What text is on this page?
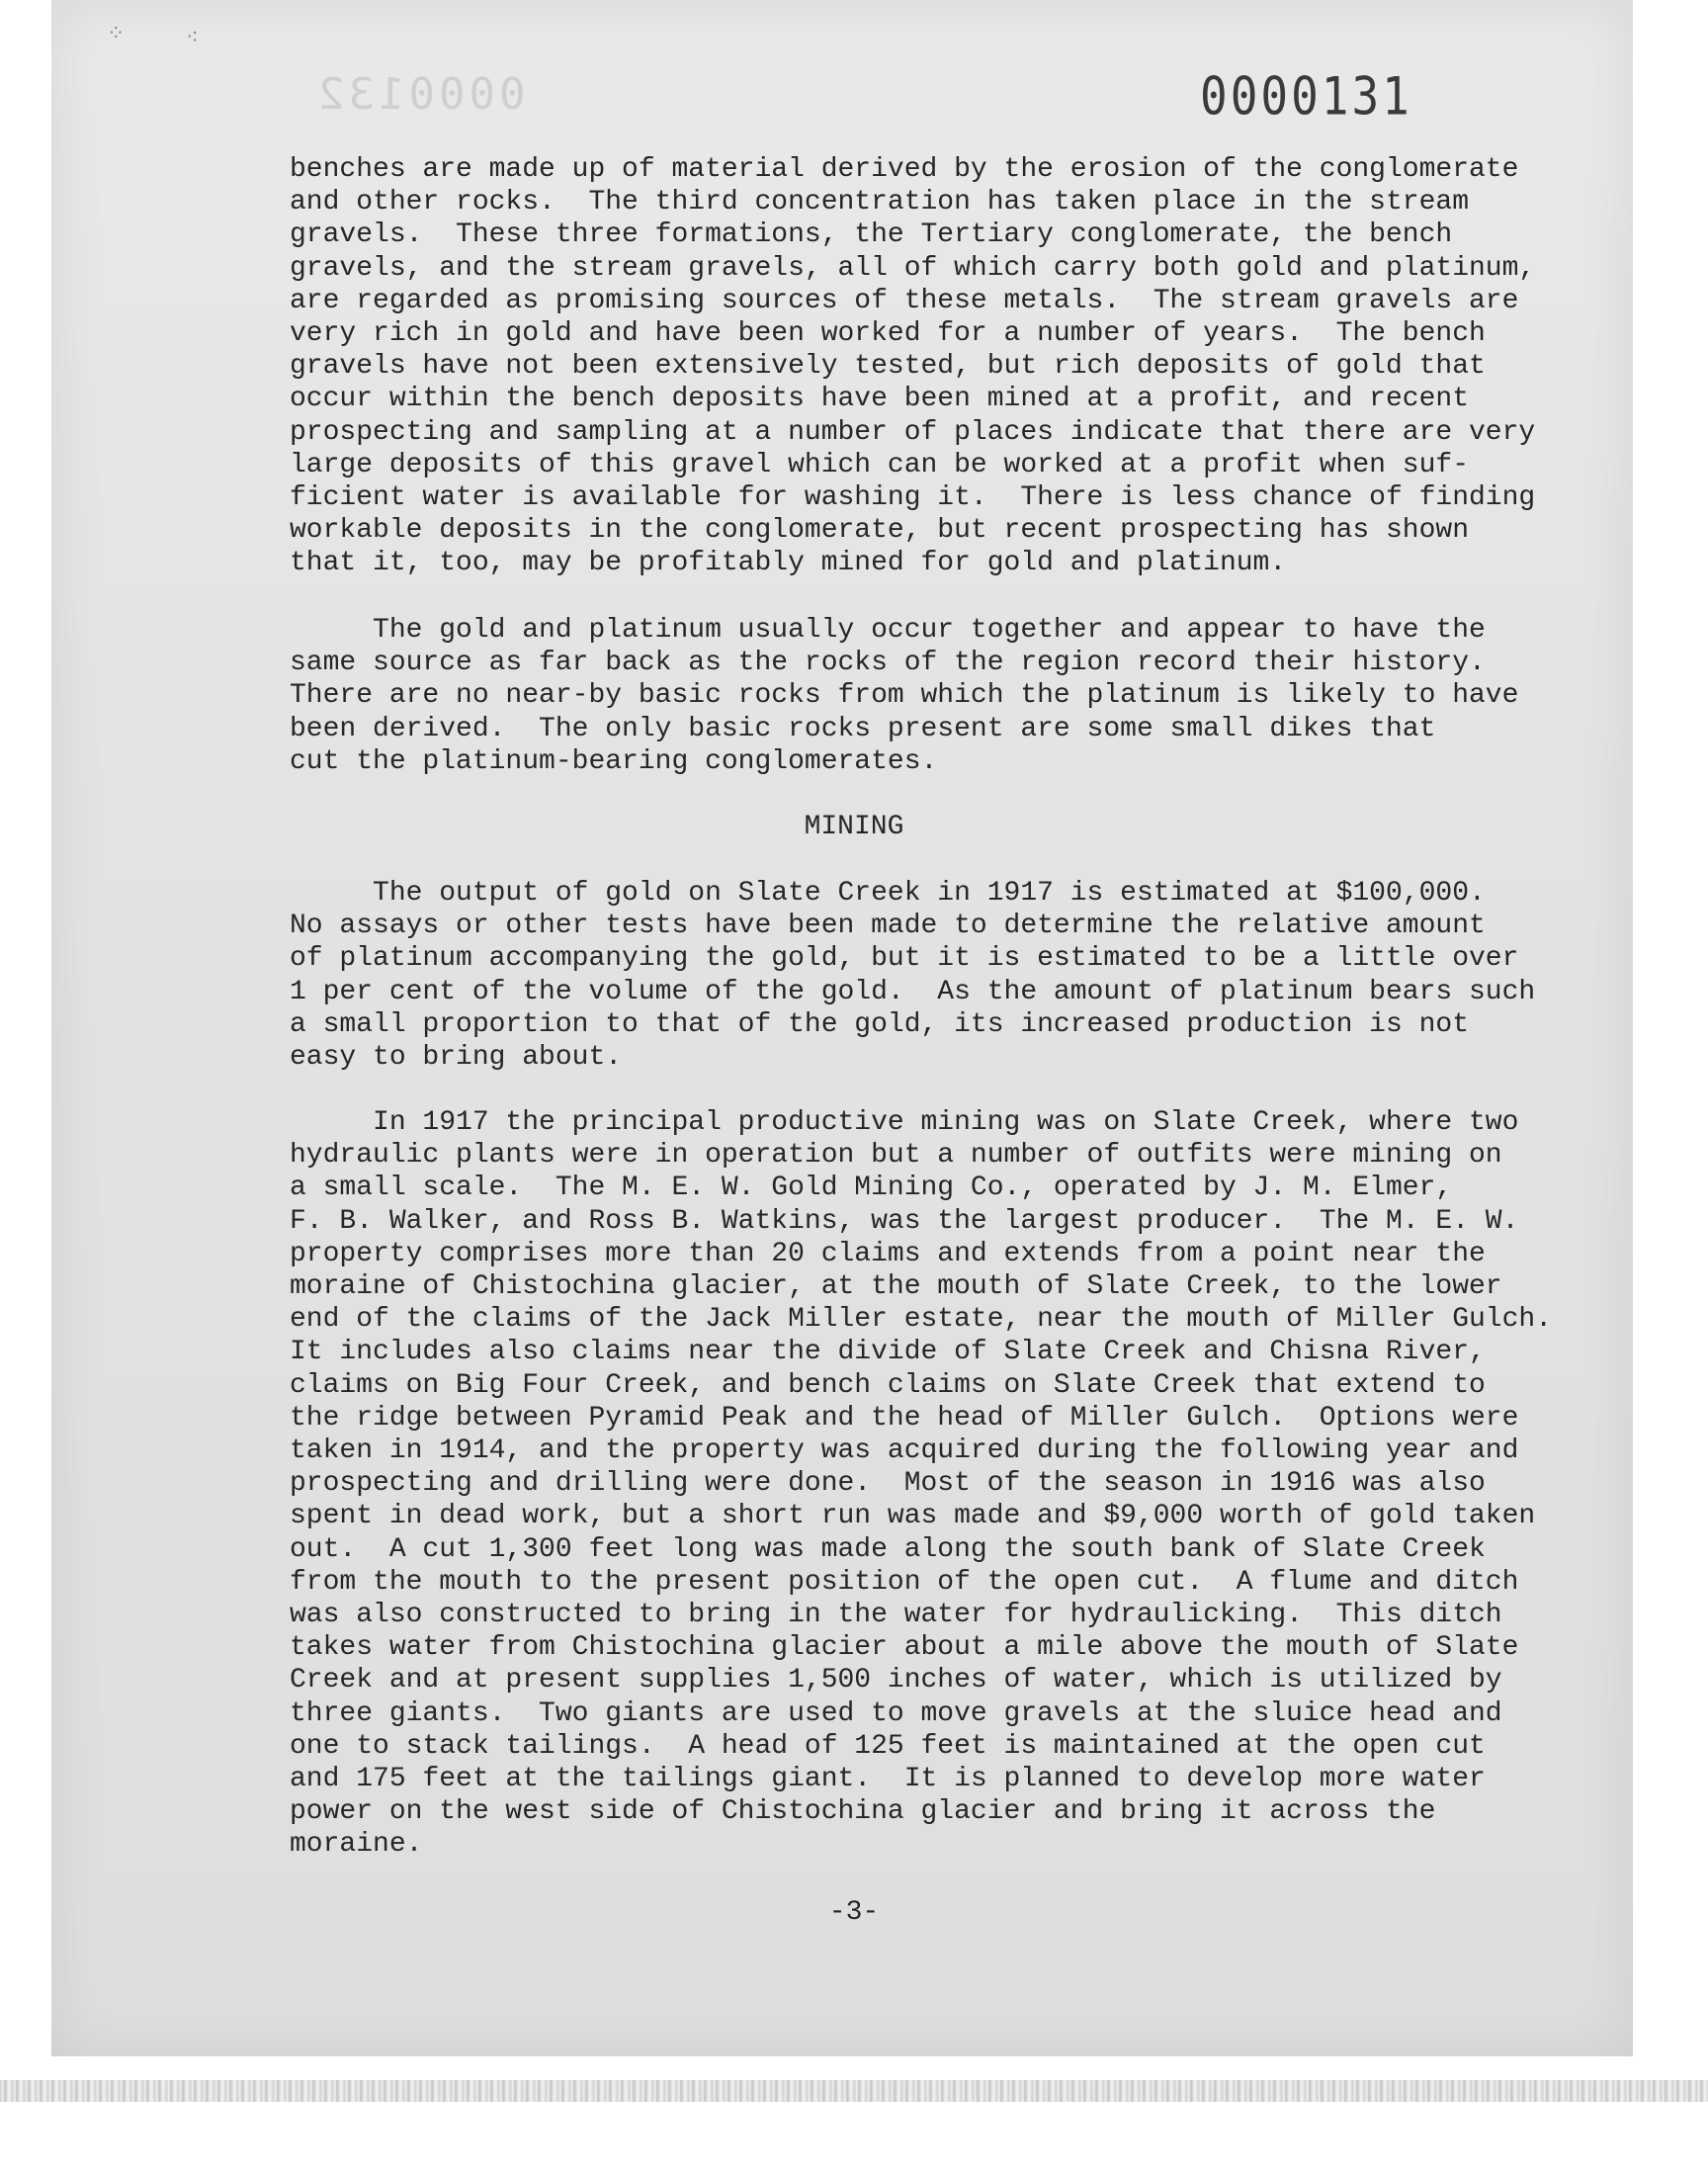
⁘	⁖
0000132	0000131

benches are made up of material derived by the erosion of the conglomerate
and other rocks.  The third concentration has taken place in the stream
gravels.  These three formations, the Tertiary conglomerate, the bench
gravels, and the stream gravels, all of which carry both gold and platinum,
are regarded as promising sources of these metals.  The stream gravels are
very rich in gold and have been worked for a number of years.  The bench
gravels have not been extensively tested, but rich deposits of gold that
occur within the bench deposits have been mined at a profit, and recent
prospecting and sampling at a number of places indicate that there are very
large deposits of this gravel which can be worked at a profit when suf-
ficient water is available for washing it.  There is less chance of finding
workable deposits in the conglomerate, but recent prospecting has shown
that it, too, may be profitably mined for gold and platinum.

The gold and platinum usually occur together and appear to have the
same source as far back as the rocks of the region record their history.
There are no near-by basic rocks from which the platinum is likely to have
been derived.  The only basic rocks present are some small dikes that
cut the platinum-bearing conglomerates.

MINING

The output of gold on Slate Creek in 1917 is estimated at $100,000.
No assays or other tests have been made to determine the relative amount
of platinum accompanying the gold, but it is estimated to be a little over
1 per cent of the volume of the gold.  As the amount of platinum bears such
a small proportion to that of the gold, its increased production is not
easy to bring about.

In 1917 the principal productive mining was on Slate Creek, where two
hydraulic plants were in operation but a number of outfits were mining on
a small scale.  The M. E. W. Gold Mining Co., operated by J. M. Elmer,
F. B. Walker, and Ross B. Watkins, was the largest producer.  The M. E. W.
property comprises more than 20 claims and extends from a point near the
moraine of Chistochina glacier, at the mouth of Slate Creek, to the lower
end of the claims of the Jack Miller estate, near the mouth of Miller Gulch.
It includes also claims near the divide of Slate Creek and Chisna River,
claims on Big Four Creek, and bench claims on Slate Creek that extend to
the ridge between Pyramid Peak and the head of Miller Gulch.  Options were
taken in 1914, and the property was acquired during the following year and
prospecting and drilling were done.  Most of the season in 1916 was also
spent in dead work, but a short run was made and $9,000 worth of gold taken
out.  A cut 1,300 feet long was made along the south bank of Slate Creek
from the mouth to the present position of the open cut.  A flume and ditch
was also constructed to bring in the water for hydraulicking.  This ditch
takes water from Chistochina glacier about a mile above the mouth of Slate
Creek and at present supplies 1,500 inches of water, which is utilized by
three giants.  Two giants are used to move gravels at the sluice head and
one to stack tailings.  A head of 125 feet is maintained at the open cut
and 175 feet at the tailings giant.  It is planned to develop more water
power on the west side of Chistochina glacier and bring it across the
moraine.

-3-
